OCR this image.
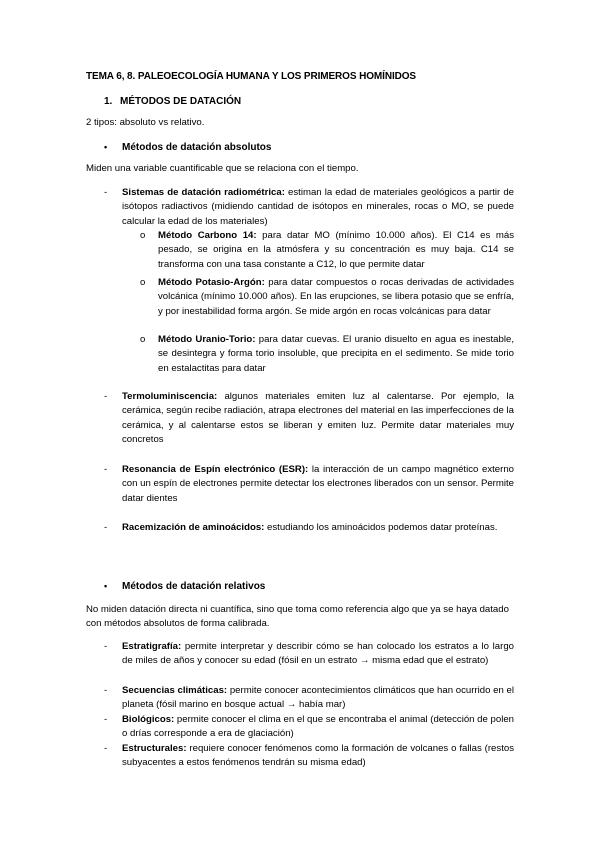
TEMA 6, 8. PALEOECOLOGÍA HUMANA Y LOS PRIMEROS HOMÍNIDOS
1. MÉTODOS DE DATACIÓN
2 tipos: absoluto vs relativo.
• Métodos de datación absolutos
Miden una variable cuantificable que se relaciona con el tiempo.
- Sistemas de datación radiométrica: estiman la edad de materiales geológicos a partir de isótopos radiactivos (midiendo cantidad de isótopos en minerales, rocas o MO, se puede calcular la edad de los materiales)
o Método Carbono 14: para datar MO (mínimo 10.000 años). El C14 es más pesado, se origina en la atmósfera y su concentración es muy baja. C14 se transforma con una tasa constante a C12, lo que permite datar
o Método Potasio-Argón: para datar compuestos o rocas derivadas de actividades volcánica (mínimo 10.000 años). En las erupciones, se libera potasio que se enfría, y por inestabilidad forma argón. Se mide argón en rocas volcánicas para datar
o Método Uranio-Torio: para datar cuevas. El uranio disuelto en agua es inestable, se desintegra y forma torio insoluble, que precipita en el sedimento. Se mide torio en estalactitas para datar
- Termoluminiscencia: algunos materiales emiten luz al calentarse. Por ejemplo, la cerámica, según recibe radiación, atrapa electrones del material en las imperfecciones de la cerámica, y al calentarse estos se liberan y emiten luz. Permite datar materiales muy concretos
- Resonancia de Espín electrónico (ESR): la interacción de un campo magnético externo con un espín de electrones permite detectar los electrones liberados con un sensor. Permite datar dientes
- Racemización de aminoácidos: estudiando los aminoácidos podemos datar proteínas.
• Métodos de datación relativos
No miden datación directa ni cuantífica, sino que toma como referencia algo que ya se haya datado con métodos absolutos de forma calibrada.
- Estratigrafía: permite interpretar y describir cómo se han colocado los estratos a lo largo de miles de años y conocer su edad (fósil en un estrato → misma edad que el estrato)
- Secuencias climáticas: permite conocer acontecimientos climáticos que han ocurrido en el planeta (fósil marino en bosque actual → había mar)
- Biológicos: permite conocer el clima en el que se encontraba el animal (detección de polen o drías corresponde a era de glaciación)
- Estructurales: requiere conocer fenómenos como la formación de volcanes o fallas (restos subyacentes a estos fenómenos tendrán su misma edad)
